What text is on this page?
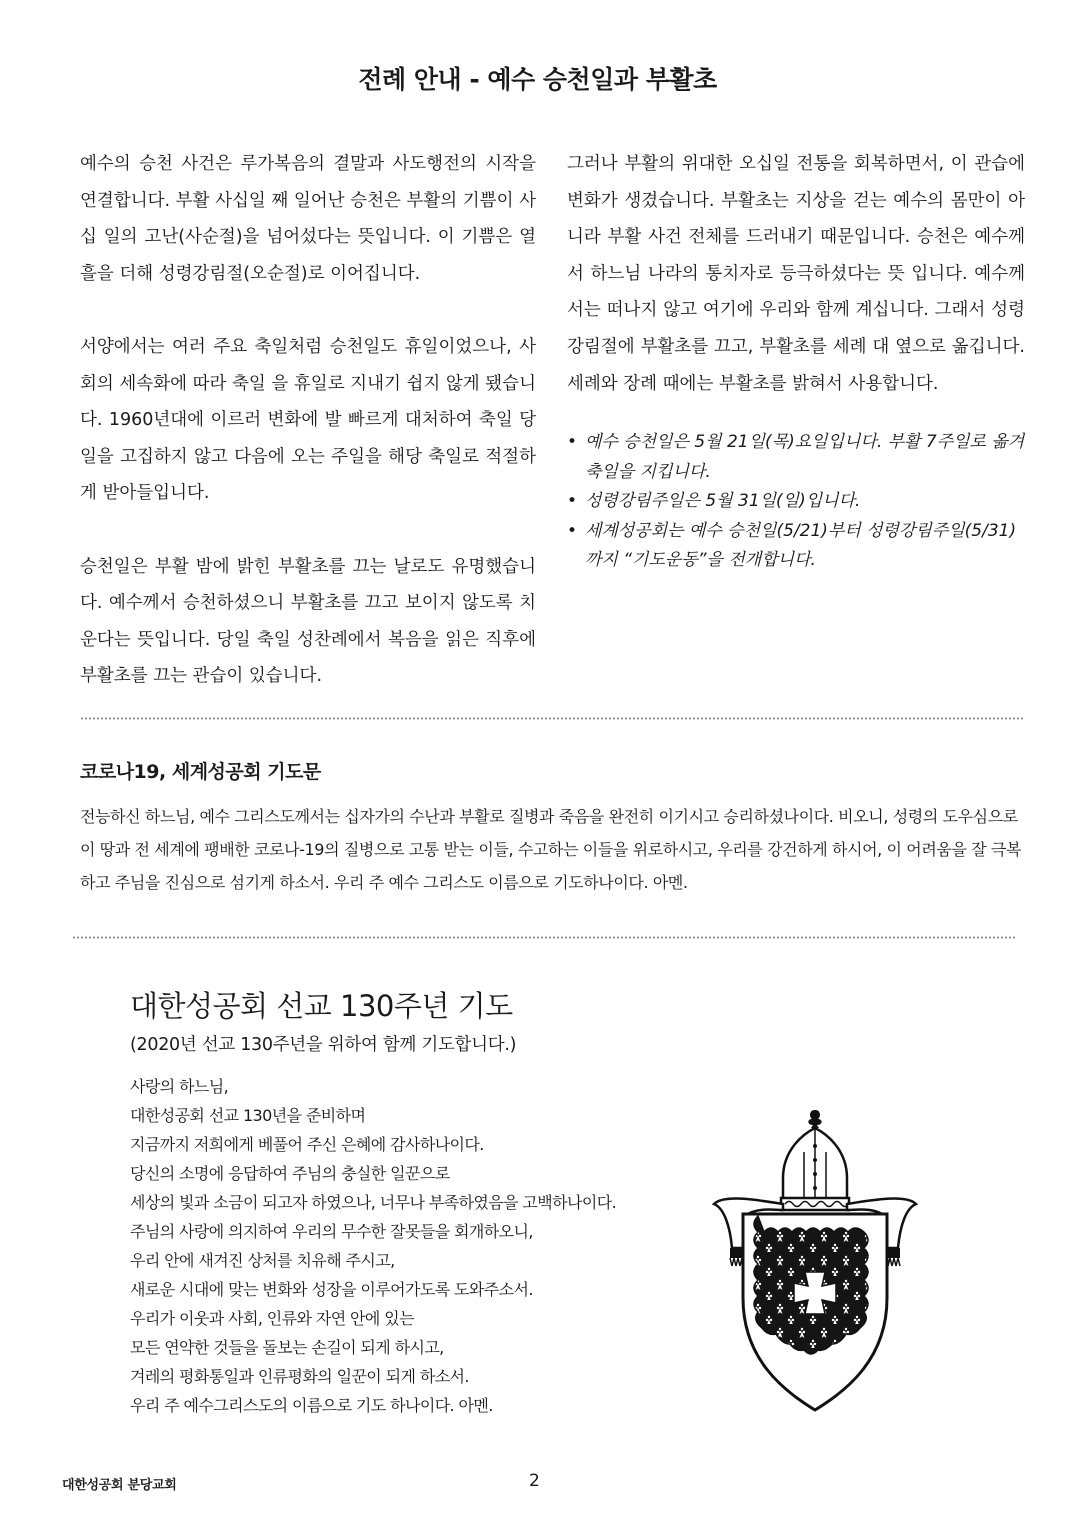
전례 안내 - 예수 승천일과 부활초

예수의 승천 사건은 루가복음의 결말과 사도행전의 시작을 연결합니다. 부활 사십일 째 일어난 승천은 부활의 기쁨이 사십 일의 고난(사순절)을 넘어섰다는 뜻입니다. 이 기쁨은 열흘을 더해 성령강림절(오순절)로 이어집니다.

서양에서는 여러 주요 축일처럼 승천일도 휴일이었으나, 사회의 세속화에 따라 축일 을 휴일로 지내기 쉽지 않게 됐습니다. 1960년대에 이르러 변화에 발 빠르게 대처하여 축일 당일을 고집하지 않고 다음에 오는 주일을 해당 축일로 적절하게 받아들입니다.

승천일은 부활 밤에 밝힌 부활초를 끄는 날로도 유명했습니다. 예수께서 승천하셨으니 부활초를 끄고 보이지 않도록 치운다는 뜻입니다. 당일 축일 성찬례에서 복음을 읽은 직후에 부활초를 끄는 관습이 있습니다.

그러나 부활의 위대한 오십일 전통을 회복하면서, 이 관습에 변화가 생겼습니다. 부활초는 지상을 걷는 예수의 몸만이 아니라 부활 사건 전체를 드러내기 때문입니다. 승천은 예수께서 하느님 나라의 통치자로 등극하셨다는 뜻 입니다. 예수께서는 떠나지 않고 여기에 우리와 함께 계십니다. 그래서 성령강림절에 부활초를 끄고, 부활초를 세례 대 옆으로 옮깁니다. 세례와 장례 때에는 부활초를 밝혀서 사용합니다.

• 예수 승천일은 5월 21일(목)요일입니다. 부활 7주일로 옮겨 축일을 지킵니다.
• 성령강림주일은 5월 31일(일)입니다.
• 세계성공회는 예수 승천일(5/21)부터 성령강림주일(5/31)까지 “기도운동”을 전개합니다.
코로나19, 세계성공회 기도문
전능하신 하느님, 예수 그리스도께서는 십자가의 수난과 부활로 질병과 죽음을 완전히 이기시고 승리하셨나이다. 비오니, 성령의 도우심으로 이 땅과 전 세계에 팽배한 코로나-19의 질병으로 고통 받는 이들, 수고하는 이들을 위로하시고, 우리를 강건하게 하시어, 이 어려움을 잘 극복하고 주님을 진심으로 섬기게 하소서. 우리 주 예수 그리스도 이름으로 기도하나이다. 아멘.
대한성공회 선교 130주년 기도
(2020년 선교 130주년을 위하여 함께 기도합니다.)
사랑의 하느님,
대한성공회 선교 130년을 준비하며
지금까지 저희에게 베풀어 주신 은혜에 감사하나이다.
당신의 소명에 응답하여 주님의 충실한 일꾼으로
세상의 빛과 소금이 되고자 하였으나, 너무나 부족하였음을 고백하나이다.
주님의 사랑에 의지하여 우리의 무수한 잘못들을 회개하오니,
우리 안에 새겨진 상처를 치유해 주시고,
새로운 시대에 맞는 변화와 성장을 이루어가도록 도와주소서.
우리가 이웃과 사회, 인류와 자연 안에 있는
모든 연약한 것들을 돌보는 손길이 되게 하시고,
겨레의 평화통일과 인류평화의 일꾼이 되게 하소서.
우리 주 예수그리스도의 이름으로 기도 하나이다. 아멘.
대한성공회 분당교회	2
